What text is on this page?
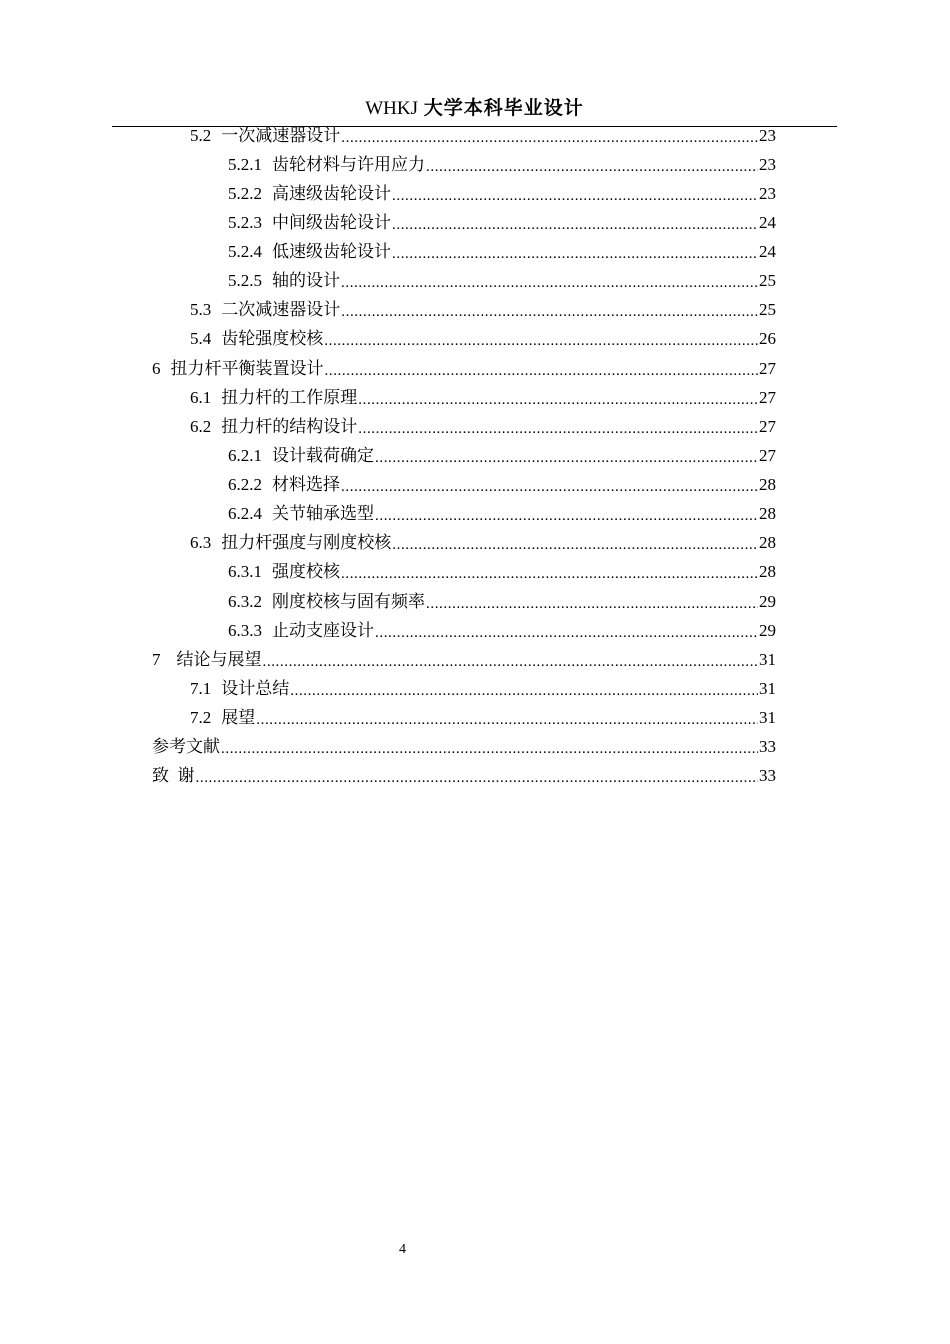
WHKJ 大学本科毕业设计
5.2 一次减速器设计 .....	23
5.2.1 齿轮材料与许用应力 .....	23
5.2.2 高速级齿轮设计 .....	23
5.2.3 中间级齿轮设计 .....	24
5.2.4 低速级齿轮设计 .....	24
5.2.5 轴的设计 .....	25
5.3 二次减速器设计 .....	25
5.4 齿轮强度校核 .....	26
6 扭力杆平衡装置设计 .....	27
6.1 扭力杆的工作原理 .....	27
6.2 扭力杆的结构设计 .....	27
6.2.1 设计载荷确定 .....	27
6.2.2 材料选择 .....	28
6.2.4 关节轴承选型 .....	28
6.3 扭力杆强度与刚度校核 .....	28
6.3.1 强度校核 .....	28
6.3.2 刚度校核与固有频率 .....	29
6.3.3 止动支座设计 .....	29
7 结论与展望 .....	31
7.1 设计总结 .....	31
7.2 展望 .....	31
参考文献 .....	33
致  谢 .....	33
4
